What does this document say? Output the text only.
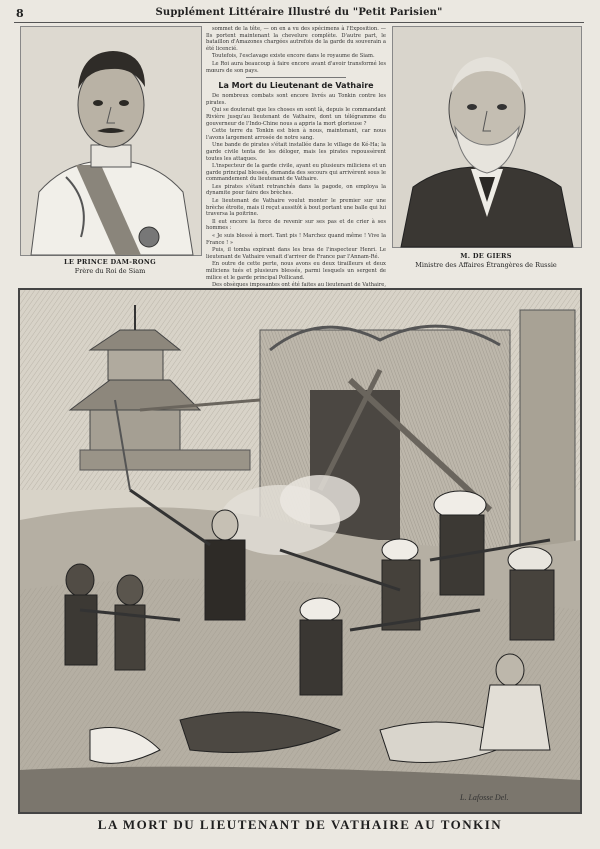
8	Supplément Littéraire Illustré du "Petit Parisien"
LE PRINCE DAM-RONG
Frère du Roi de Siam

sommet de la tête, — on en a vu des spécimens à l'Exposition. — Ils portent maintenant la chevelure complète. D'autre part, le bataillon d'Amazones chargées autrefois de la garde du souverain a été licencié.

Toutefois, l'esclavage existe encore dans le royaume de Siam.

Le Roi aura beaucoup à faire encore avant d'avoir transformé les mœurs de son pays.

La Mort du Lieutenant de Vathaire

De nombreux combats sont encore livrés au Tonkin contre les pirates.

Qui se douterait que les choses en sont là, depuis le commandant Rivière jusqu'au lieutenant de Vathaire, dont un télégramme du gouverneur de l'Indo-Chine nous a appris la mort glorieuse ?

Cette terre du Tonkin est bien à nous, maintenant, car nous l'avons largement arrosée de notre sang.

Une bande de pirates s'était installée dans le village de Ké-Ha; la garde civile tenta de les déloger, mais les pirates repoussèrent toutes les attaques.

L'inspecteur de la garde civile, ayant eu plusieurs miliciens et un garde principal blessés, demanda des secours qui arrivèrent sous le commandement du lieutenant de Vathaire.

Les pirates s'étant retranchés dans la pagode, on employa la dynamite pour faire des brèches.

Le lieutenant de Vathaire voulut monter le premier sur une brèche étroite, mais il reçut aussitôt à bout portant une balle qui lui traversa la poitrine.

Il eut encore la force de revenir sur ses pas et de crier à ses hommes :

« Je suis blessé à mort. Tant pis ! Marchez quand même ! Vive la France ! »

Puis, il tomba expirant dans les bras de l'inspecteur Henri. Le lieutenant de Vathaire venait d'arriver de France par l'Annam-Ré.

En outre de cette perte, nous avons eu deux tirailleurs et deux miliciens tués et plusieurs blessés, parmi lesquels un sergent de milice et le garde principal Pollicand.

Des obsèques imposantes ont été faites au lieutenant de Vathaire,

M. DE GIERS
Ministre des Affaires Étrangères de Russie
L. Lafosse Del.
LA MORT DU LIEUTENANT DE VATHAIRE AU TONKIN
